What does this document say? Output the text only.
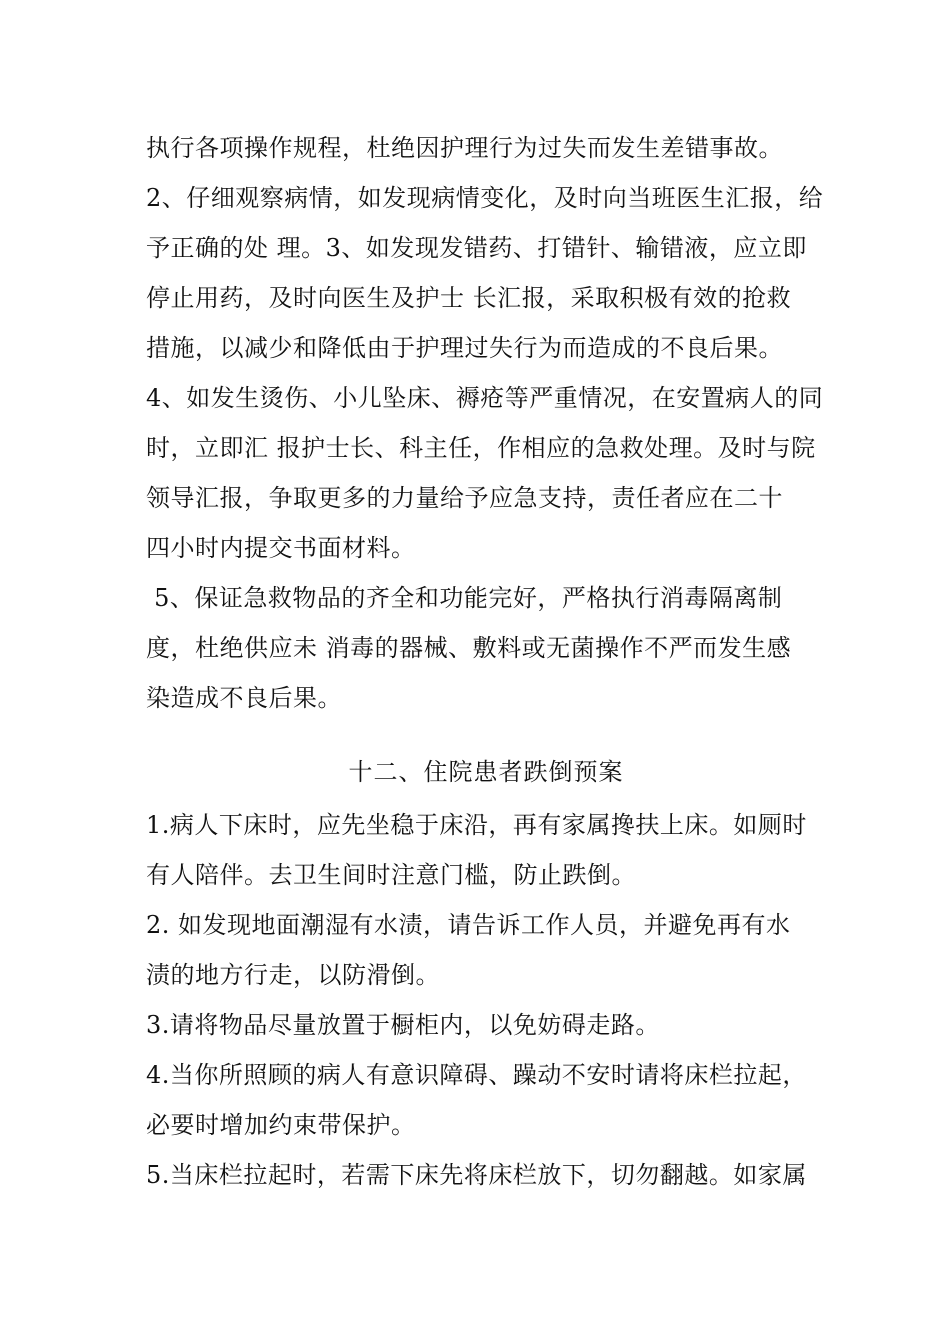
执行各项操作规程，杜绝因护理行为过失而发生差错事故。
2、仔细观察病情，如发现病情变化，及时向当班医生汇报，给
予正确的处 理。3、如发现发错药、打错针、输错液，应立即
停止用药，及时向医生及护士 长汇报，采取积极有效的抢救
措施，以减少和降低由于护理过失行为而造成的不良后果。
4、如发生烫伤、小儿坠床、褥疮等严重情况，在安置病人的同
时，立即汇 报护士长、科主任，作相应的急救处理。及时与院
领导汇报，争取更多的力量给予应急支持，责任者应在二十
四小时内提交书面材料。
5、保证急救物品的齐全和功能完好，严格执行消毒隔离制
度，杜绝供应未 消毒的器械、敷料或无菌操作不严而发生感
染造成不良后果。
十二、住院患者跌倒预案
1.病人下床时，应先坐稳于床沿，再有家属搀扶上床。如厕时
有人陪伴。去卫生间时注意门槛，防止跌倒。
2. 如发现地面潮湿有水渍，请告诉工作人员，并避免再有水
渍的地方行走，以防滑倒。
3.请将物品尽量放置于橱柜内，以免妨碍走路。
4.当你所照顾的病人有意识障碍、躁动不安时请将床栏拉起，
必要时增加约束带保护。
5.当床栏拉起时，若需下床先将床栏放下，切勿翻越。如家属
